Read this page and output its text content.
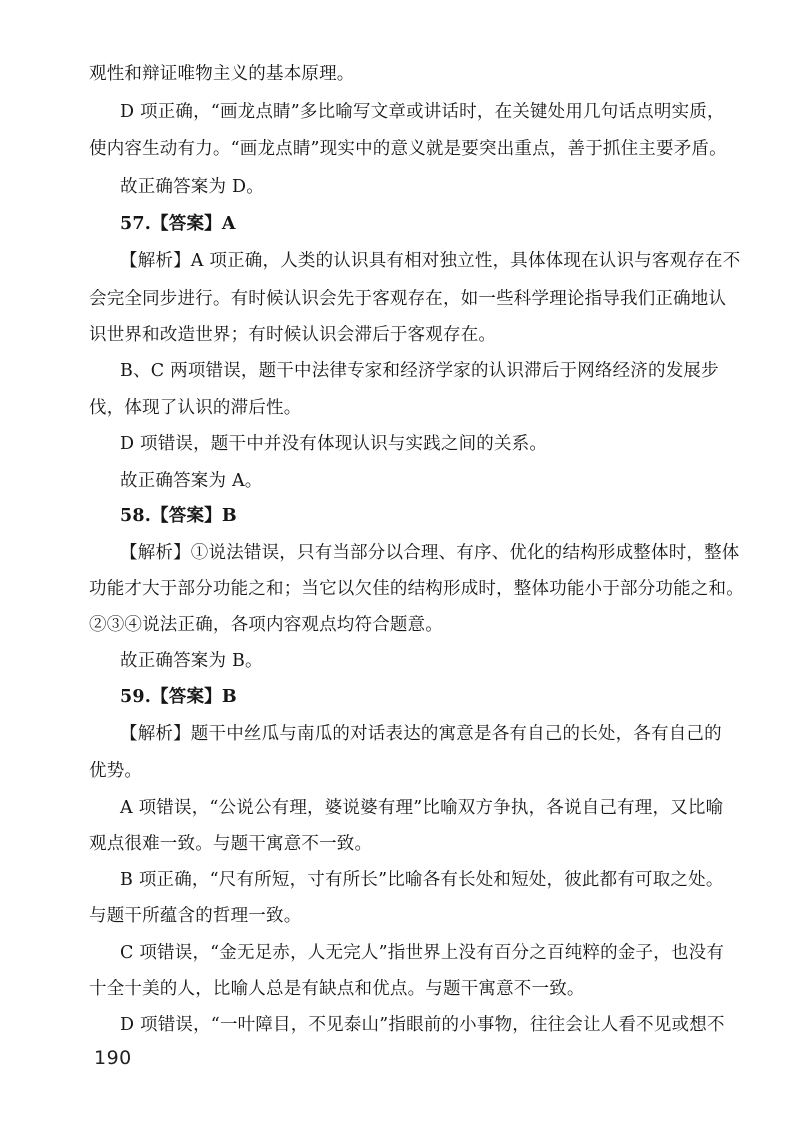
观性和辩证唯物主义的基本原理。
D 项正确，“画龙点睛”多比喻写文章或讲话时，在关键处用几句话点明实质，
使内容生动有力。“画龙点睛”现实中的意义就是要突出重点，善于抓住主要矛盾。
故正确答案为 D。
57.【答案】A
【解析】A 项正确，人类的认识具有相对独立性，具体体现在认识与客观存在不
会完全同步进行。有时候认识会先于客观存在，如一些科学理论指导我们正确地认
识世界和改造世界；有时候认识会滞后于客观存在。
B、C 两项错误，题干中法律专家和经济学家的认识滞后于网络经济的发展步
伐，体现了认识的滞后性。
D 项错误，题干中并没有体现认识与实践之间的关系。
故正确答案为 A。
58.【答案】B
【解析】①说法错误，只有当部分以合理、有序、优化的结构形成整体时，整体
功能才大于部分功能之和；当它以欠佳的结构形成时，整体功能小于部分功能之和。
②③④说法正确，各项内容观点均符合题意。
故正确答案为 B。
59.【答案】B
【解析】题干中丝瓜与南瓜的对话表达的寓意是各有自己的长处，各有自己的
优势。
A 项错误，“公说公有理，婆说婆有理”比喻双方争执，各说自己有理，又比喻
观点很难一致。与题干寓意不一致。
B 项正确，“尺有所短，寸有所长”比喻各有长处和短处，彼此都有可取之处。
与题干所蕴含的哲理一致。
C 项错误，“金无足赤，人无完人”指世界上没有百分之百纯粹的金子，也没有
十全十美的人，比喻人总是有缺点和优点。与题干寓意不一致。
D 项错误，“一叶障目，不见泰山”指眼前的小事物，往往会让人看不见或想不
190
